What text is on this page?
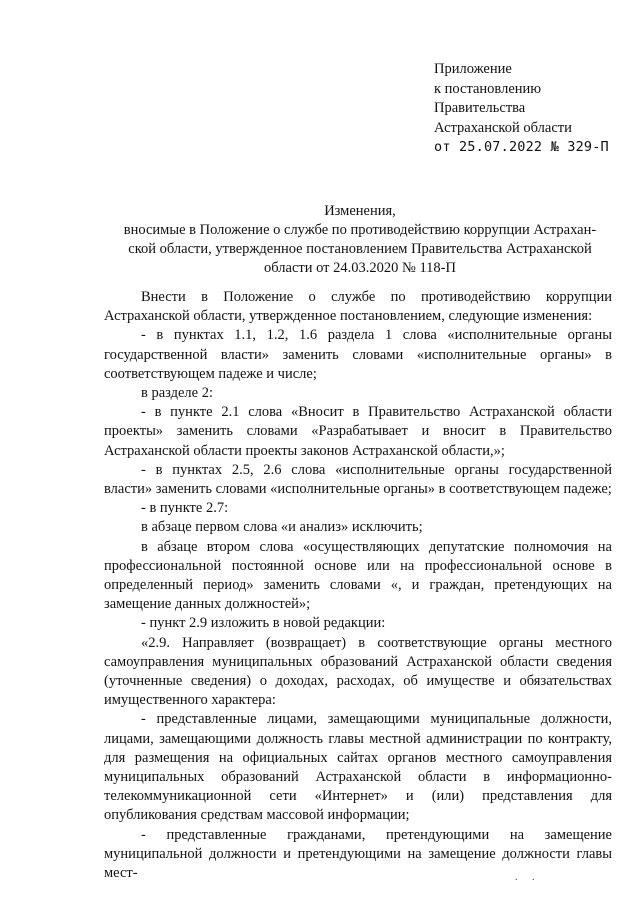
Приложение
к постановлению
Правительства
Астраханской области
от 25.07.2022 № 329-П
Изменения,
вносимые в Положение о службе по противодействию коррупции Астрахан-
ской области, утвержденное постановлением Правительства Астраханской
области от 24.03.2020 № 118-П

Внести в Положение о службе по противодействию коррупции Астраханской области, утвержденное постановлением, следующие изменения:

- в пунктах 1.1, 1.2, 1.6 раздела 1 слова «исполнительные органы государственной власти» заменить словами «исполнительные органы» в соответствующем падеже и числе;

в разделе 2:

- в пункте 2.1 слова «Вносит в Правительство Астраханской области проекты» заменить словами «Разрабатывает и вносит в Правительство Астраханской области проекты законов Астраханской области,»;

- в пунктах 2.5, 2.6 слова «исполнительные органы государственной власти» заменить словами «исполнительные органы» в соответствующем падеже;

- в пункте 2.7:

в абзаце первом слова «и анализ» исключить;

в абзаце втором слова «осуществляющих депутатские полномочия на профессиональной постоянной основе или на профессиональной основе в определенный период» заменить словами «, и граждан, претендующих на замещение данных должностей»;

- пункт 2.9 изложить в новой редакции:

«2.9. Направляет (возвращает) в соответствующие органы местного самоуправления муниципальных образований Астраханской области сведения (уточненные сведения) о доходах, расходах, об имуществе и обязательствах имущественного характера:

- представленные лицами, замещающими муниципальные должности, лицами, замещающими должность главы местной администрации по контракту, для размещения на официальных сайтах органов местного самоуправления муниципальных образований Астраханской области в информационно-телекоммуникационной сети «Интернет» и (или) представления для опубликования средствам массовой информации;

- представленные гражданами, претендующими на замещение муниципальной должности и претендующими на замещение должности главы мест-	. .
